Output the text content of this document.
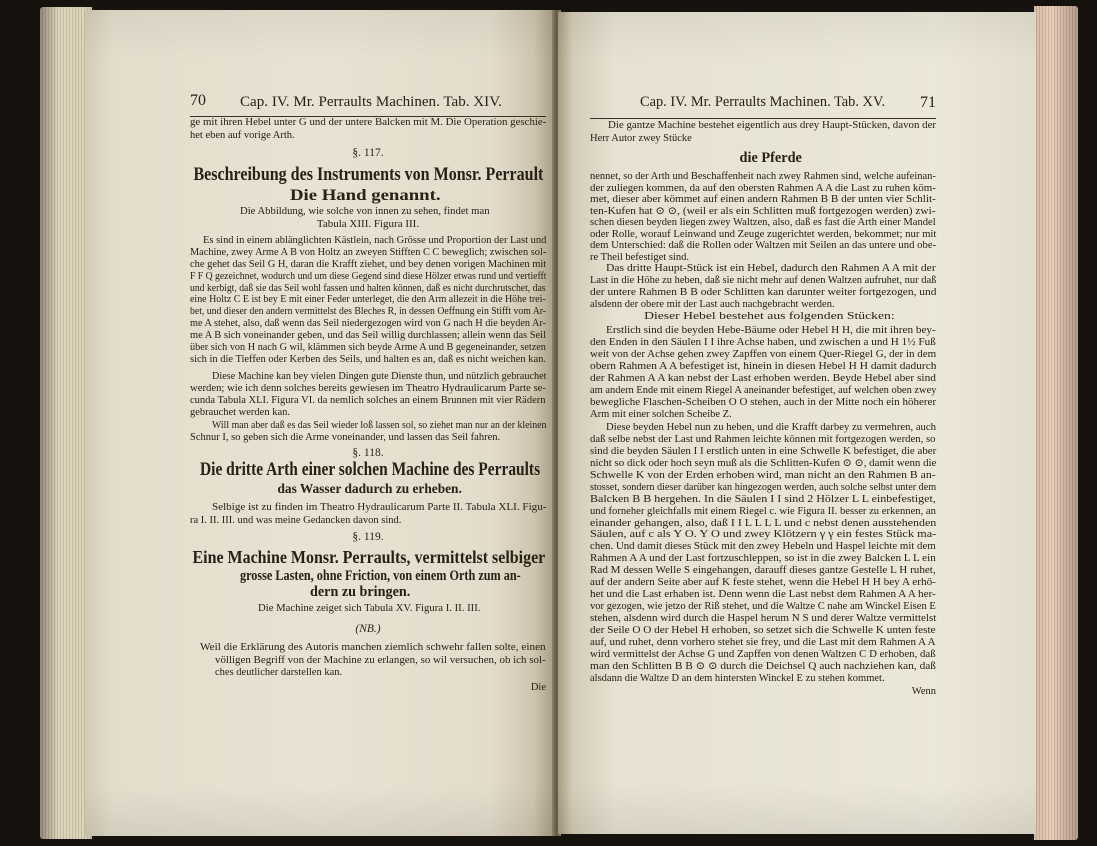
70	Cap. IV. Mr. Perraults Machinen. Tab. XIV.
ge mit ihren Hebel unter G und der untere Balcken mit M. Die Operation geschie-
het eben auf vorige Arth.
§. 117.
Beschreibung des Instruments von Monsr. Perrault
Die Hand genannt.
Die Abbildung, wie solche von innen zu sehen, findet man
Tabula XIII. Figura III.
Es sind in einem ablänglichten Kästlein, nach Grösse und Proportion der Last und
Machine, zwey Arme A B von Holtz an zweyen Stifften C C beweglich; zwischen sol-
che gehet das Seil G H, daran die Krafft ziehet, und bey denen vorigen Machinen mit
F F Q gezeichnet, wodurch und um diese Gegend sind diese Hölzer etwas rund und vertiefft
und kerbigt, daß sie das Seil wohl fassen und halten können, daß es nicht durchrutschet, das
eine Holtz C E ist bey E mit einer Feder unterleget, die den Arm allezeit in die Höhe trei-
bet, und dieser den andern vermittelst des Bleches R, in dessen Oeffnung ein Stifft vom Ar-
me A stehet, also, daß wenn das Seil niedergezogen wird von G nach H die beyden Ar-
me A B sich voneinander geben, und das Seil willig durchlassen; allein wenn das Seil
über sich von H nach G wil, klämmen sich beyde Arme A und B gegeneinander, setzen
sich in die Tieffen oder Kerben des Seils, und halten es an, daß es nicht weichen kan.
Diese Machine kan bey vielen Dingen gute Dienste thun, und nützlich gebrauchet
werden; wie ich denn solches bereits gewiesen im Theatro Hydraulicarum Parte se-
cunda Tabula XLI. Figura VI. da nemlich solches an einem Brunnen mit vier Rädern
gebrauchet werden kan.
Will man aber daß es das Seil wieder loß lassen sol, so ziehet man nur an der kleinen
Schnur I, so geben sich die Arme voneinander, und lassen das Seil fahren.
§. 118.
Die dritte Arth einer solchen Machine des Perraults
das Wasser dadurch zu erheben.
Selbige ist zu finden im Theatro Hydraulicarum Parte II. Tabula XLI. Figu-
ra I. II. III. und was meine Gedancken davon sind.
§. 119.
Eine Machine Monsr. Perraults, vermittelst selbiger
grosse Lasten, ohne Friction, von einem Orth zum an-
dern zu bringen.
Die Machine zeiget sich Tabula XV. Figura I. II. III.
(NB.)
Weil die Erklärung des Autoris manchen ziemlich schwehr fallen solte, einen
völligen Begriff von der Machine zu erlangen, so wil versuchen, ob ich sol-
ches deutlicher darstellen kan.
Die
Cap. IV. Mr. Perraults Machinen. Tab. XV. 71
Die gantze Machine bestehet eigentlich aus drey Haupt-Stücken, davon der
Herr Autor zwey Stücke
die Pferde
nennet, so der Arth und Beschaffenheit nach zwey Rahmen sind, welche aufeinan-
der zuliegen kommen, da auf den obersten Rahmen A A die Last zu ruhen köm-
met, dieser aber kömmet auf einen andern Rahmen B B der unten vier Schlit-
ten-Kufen hat ⊙ ⊙, (weil er als ein Schlitten muß fortgezogen werden) zwi-
schen diesen beyden liegen zwey Waltzen, also, daß es fast die Arth einer Mandel
oder Rolle, worauf Leinwand und Zeuge zugerichtet werden, bekommet; nur mit
dem Unterschied: daß die Rollen oder Waltzen mit Seilen an das untere und obe-
re Theil befestiget sind.
Das dritte Haupt-Stück ist ein Hebel, dadurch den Rahmen A A mit der
Last in die Höhe zu heben, daß sie nicht mehr auf denen Waltzen aufruhet, nur daß
der untere Rahmen B B oder Schlitten kan darunter weiter fortgezogen, und
alsdenn der obere mit der Last auch nachgebracht werden.
Dieser Hebel bestehet aus folgenden Stücken:
Erstlich sind die beyden Hebe-Bäume oder Hebel H H, die mit ihren bey-
den Enden in den Säulen I I ihre Achse haben, und zwischen a und H 1½ Fuß
weit von der Achse gehen zwey Zapffen von einem Quer-Riegel G, der in dem
obern Rahmen A A befestiget ist, hinein in diesen Hebel H H damit dadurch
der Rahmen A A kan nebst der Last erhoben werden. Beyde Hebel aber sind
am andern Ende mit einem Riegel A aneinander befestiget, auf welchen oben zwey
bewegliche Flaschen-Scheiben O O stehen, auch in der Mitte noch ein höherer
Arm mit einer solchen Scheibe Z.
Diese beyden Hebel nun zu heben, und die Krafft darbey zu vermehren, auch
daß selbe nebst der Last und Rahmen leichte können mit fortgezogen werden, so
sind die beyden Säulen I I erstlich unten in eine Schwelle K befestiget, die aber
nicht so dick oder hoch seyn muß als die Schlitten-Kufen ⊙ ⊙, damit wenn die
Schwelle K von der Erden erhoben wird, man nicht an den Rahmen B an-
stosset, sondern dieser darüber kan hingezogen werden, auch solche selbst unter dem
Balcken B B hergehen. In die Säulen I I sind 2 Hölzer L L einbefestiget,
und forneher gleichfalls mit einem Riegel c. wie Figura II. besser zu erkennen, an
einander gehangen, also, daß I I L L L L und c nebst denen ausstehenden
Säulen, auf c als Y O. Y O und zwey Klötzern γ γ ein festes Stück ma-
chen. Und damit dieses Stück mit den zwey Hebeln und Haspel leichte mit dem
Rahmen A A und der Last fortzuschleppen, so ist in die zwey Balcken L L ein
Rad M dessen Welle S eingehangen, darauff dieses gantze Gestelle L H ruhet,
auf der andern Seite aber auf K feste stehet, wenn die Hebel H H bey A erhö-
het und die Last erhaben ist. Denn wenn die Last nebst dem Rahmen A A her-
vor gezogen, wie jetzo der Riß stehet, und die Waltze C nahe am Winckel Eisen E
stehen, alsdenn wird durch die Haspel herum N S und derer Waltze vermittelst
der Seile O O der Hebel H erhoben, so setzet sich die Schwelle K unten feste
auf, und ruhet, denn vorhero stehet sie frey, und die Last mit dem Rahmen A A
wird vermittelst der Achse G und Zapffen von denen Waltzen C D erhoben, daß
man den Schlitten B B ⊙ ⊙ durch die Deichsel Q auch nachziehen kan, daß
alsdann die Waltze D an dem hintersten Winckel E zu stehen kommet.
Wenn
